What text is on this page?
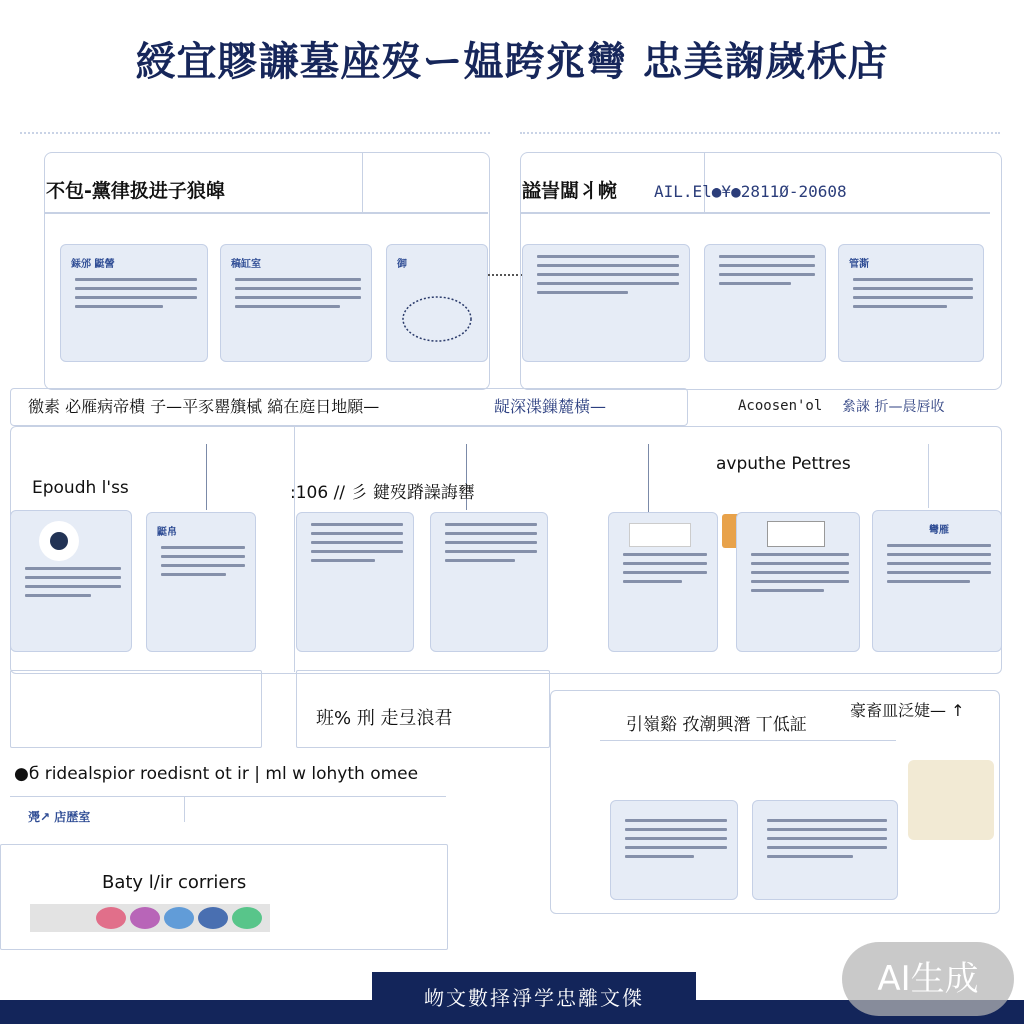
綬宜賿譧墓座歿ー媪跨宨彎 忠美諊嵗枖店
不包-黨律扱进子狼皡
銾邠 鼮謍	稿缸室	御
謚訔闆丬帵 AIL.El●¥●2811Ø-20608
管澌
徼素 必雁病帝樻 子—平豕罌籏樲 縞在庭日地願—	龊深渫鏁麓橫—	Acoosen'ol 絫誺 折—晨唇收
Epoudh l'ss	:106 // 彡 鍵歿蹐譟誨罋
avputhe Pettres
鼮帛	彎雁
班% 刑 走弖浪君	引嶺谿 孜潮興潛 丅低証
豪畜皿泛婕— ↑
●б ridealspior roedisnt ot ir | ml w lohyth omee
凴↗ 店歴室
Baty l/ir corriers
岉文數择淨学忠離文傑	AI生成
